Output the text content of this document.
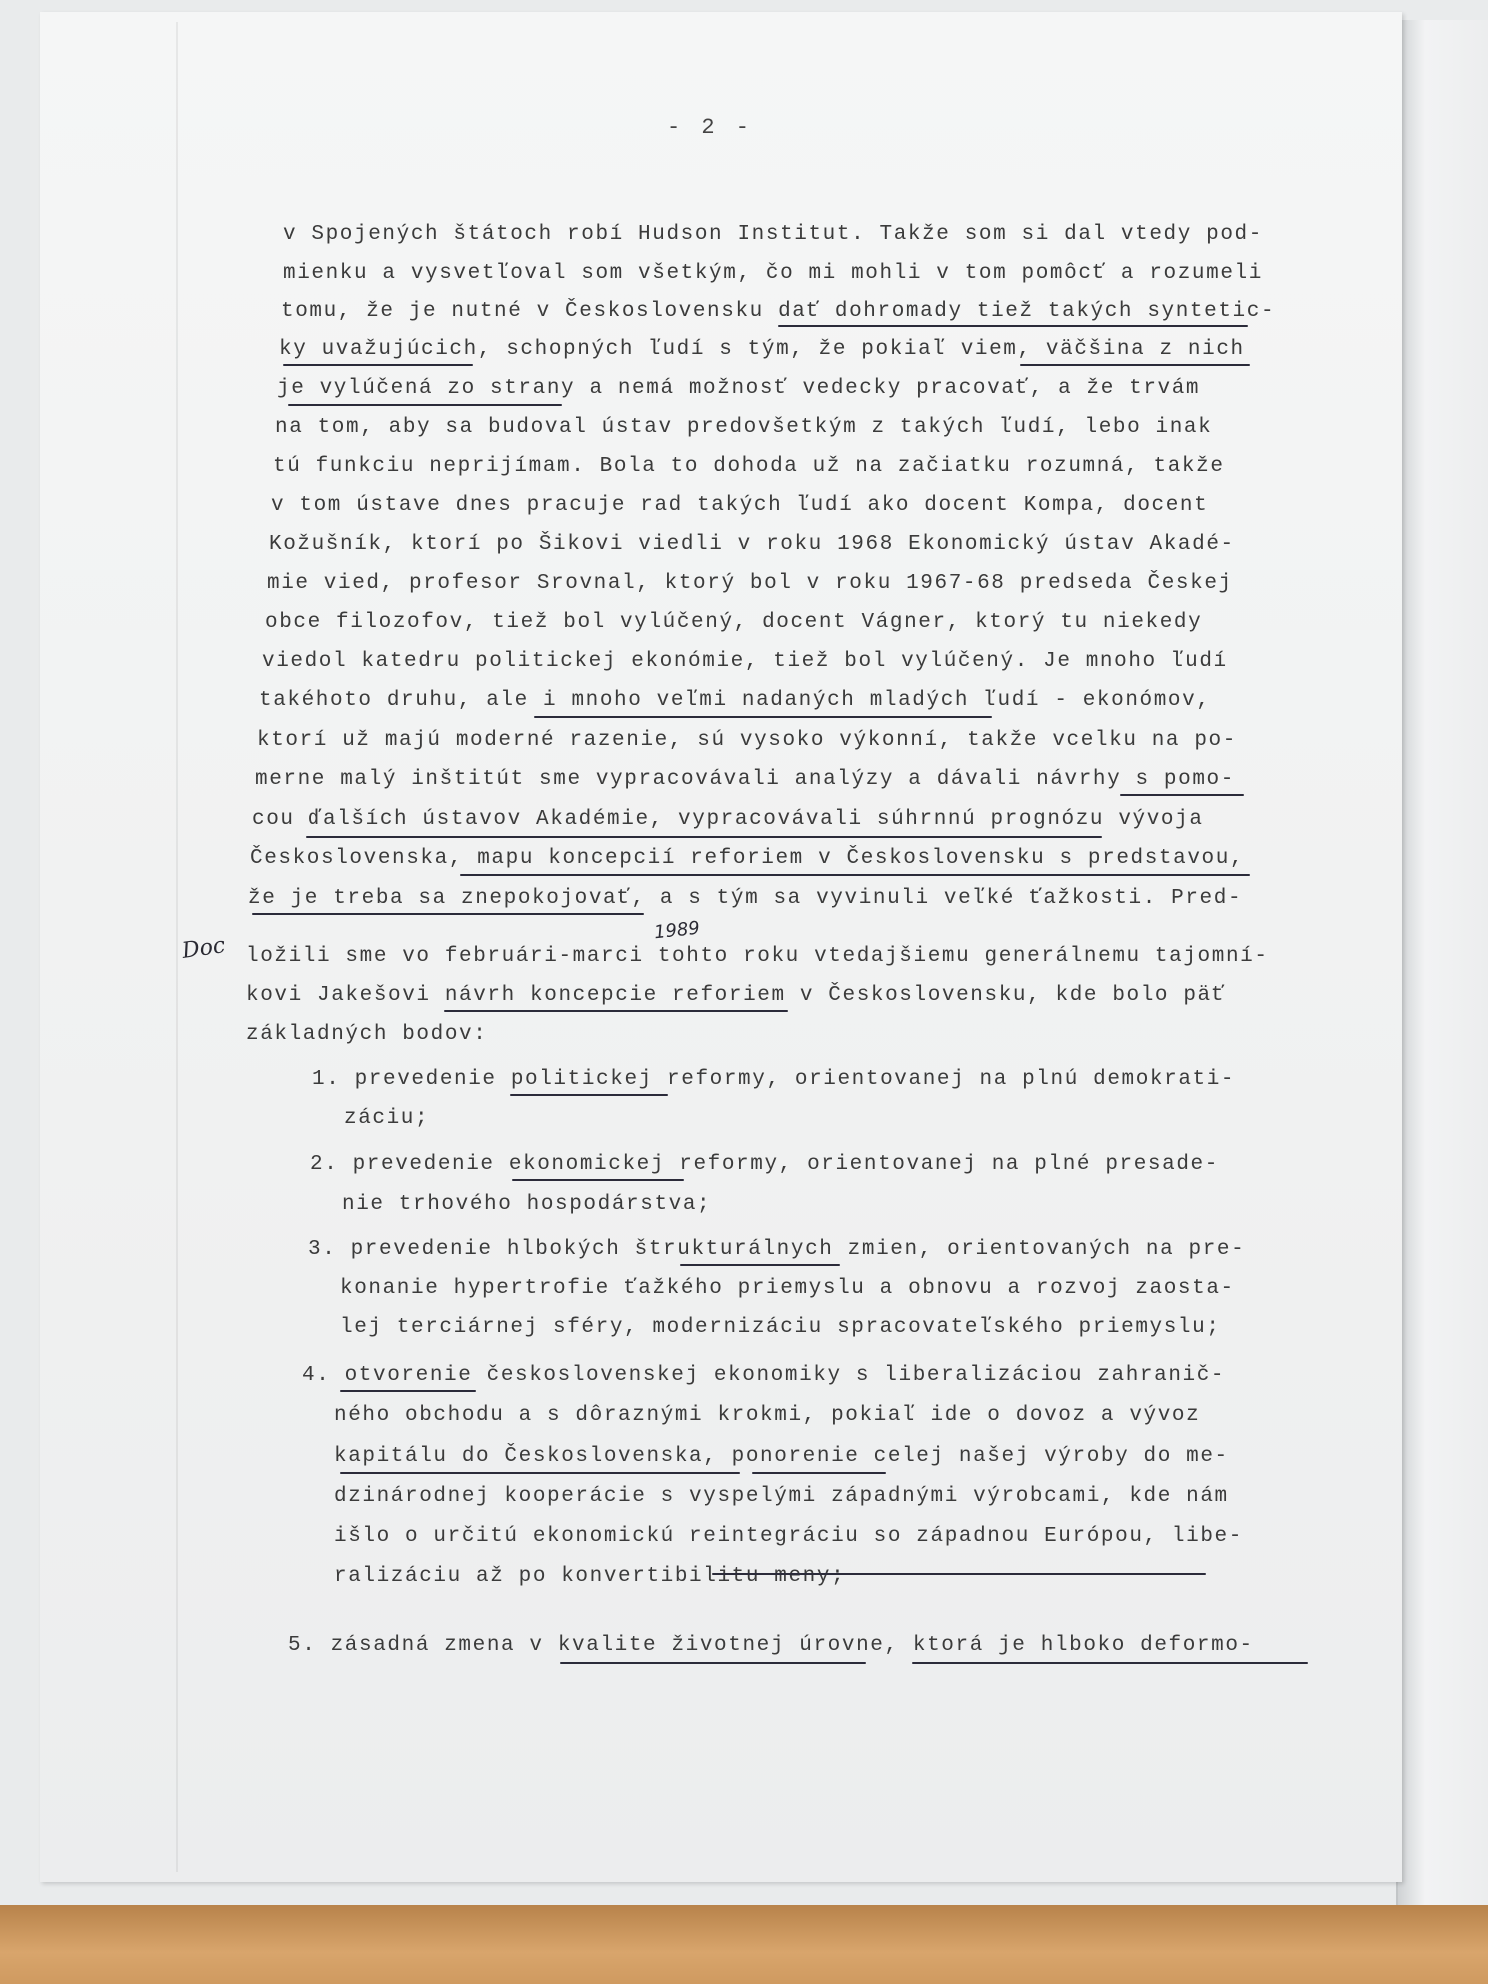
- 2 -
v Spojených štátoch robí Hudson Institut. Takže som si dal vtedy pod-
mienku a vysvetľoval som všetkým, čo mi mohli v tom pomôcť a rozumeli
tomu, že je nutné v Československu dať dohromady tiež takých syntetic-
ky uvažujúcich, schopných ľudí s tým, že pokiaľ viem, väčšina z nich
je vylúčená zo strany a nemá možnosť vedecky pracovať, a že trvám
na tom, aby sa budoval ústav predovšetkým z takých ľudí, lebo inak
tú funkciu neprijímam. Bola to dohoda už na začiatku rozumná, takže
v tom ústave dnes pracuje rad takých ľudí ako docent Kompa, docent
Kožušník, ktorí po Šikovi viedli v roku 1968 Ekonomický ústav Akadé-
mie vied, profesor Srovnal, ktorý bol v roku 1967-68 predseda Českej
obce filozofov, tiež bol vylúčený, docent Vágner, ktorý tu niekedy
viedol katedru politickej ekonómie, tiež bol vylúčený. Je mnoho ľudí
takéhoto druhu, ale i mnoho veľmi nadaných mladých ľudí - ekonómov,
ktorí už majú moderné razenie, sú vysoko výkonní, takže vcelku na po-
merne malý inštitút sme vypracovávali analýzy a dávali návrhy s pomo-
cou ďalších ústavov Akadémie, vypracovávali súhrnnú prognózu vývoja
Československa, mapu koncepcií reforiem v Československu s predstavou,
že je treba sa znepokojovať, a s tým sa vyvinuli veľké ťažkosti. Pred-
ložili sme vo februári-marci tohto roku vtedajšiemu generálnemu tajomní-
kovi Jakešovi návrh koncepcie reforiem v Československu, kde bolo päť
základných bodov:
1. prevedenie politickej reformy, orientovanej na plnú demokrati-
záciu;
2. prevedenie ekonomickej reformy, orientovanej na plné presade-
nie trhového hospodárstva;
3. prevedenie hlbokých štrukturálnych zmien, orientovaných na pre-
konanie hypertrofie ťažkého priemyslu a obnovu a rozvoj zaosta-
lej terciárnej sféry, modernizáciu spracovateľského priemyslu;
4. otvorenie československej ekonomiky s liberalizáciou zahranič-
ného obchodu a s dôraznými krokmi, pokiaľ ide o dovoz a vývoz
kapitálu do Československa, ponorenie celej našej výroby do me-
dzinárodnej kooperácie s vyspelými západnými výrobcami, kde nám
išlo o určitú ekonomickú reintegráciu so západnou Európou, libe-
ralizáciu až po konvertibilitu meny;
5. zásadná zmena v kvalite životnej úrovne, ktorá je hlboko deformo-
Doc
1989
